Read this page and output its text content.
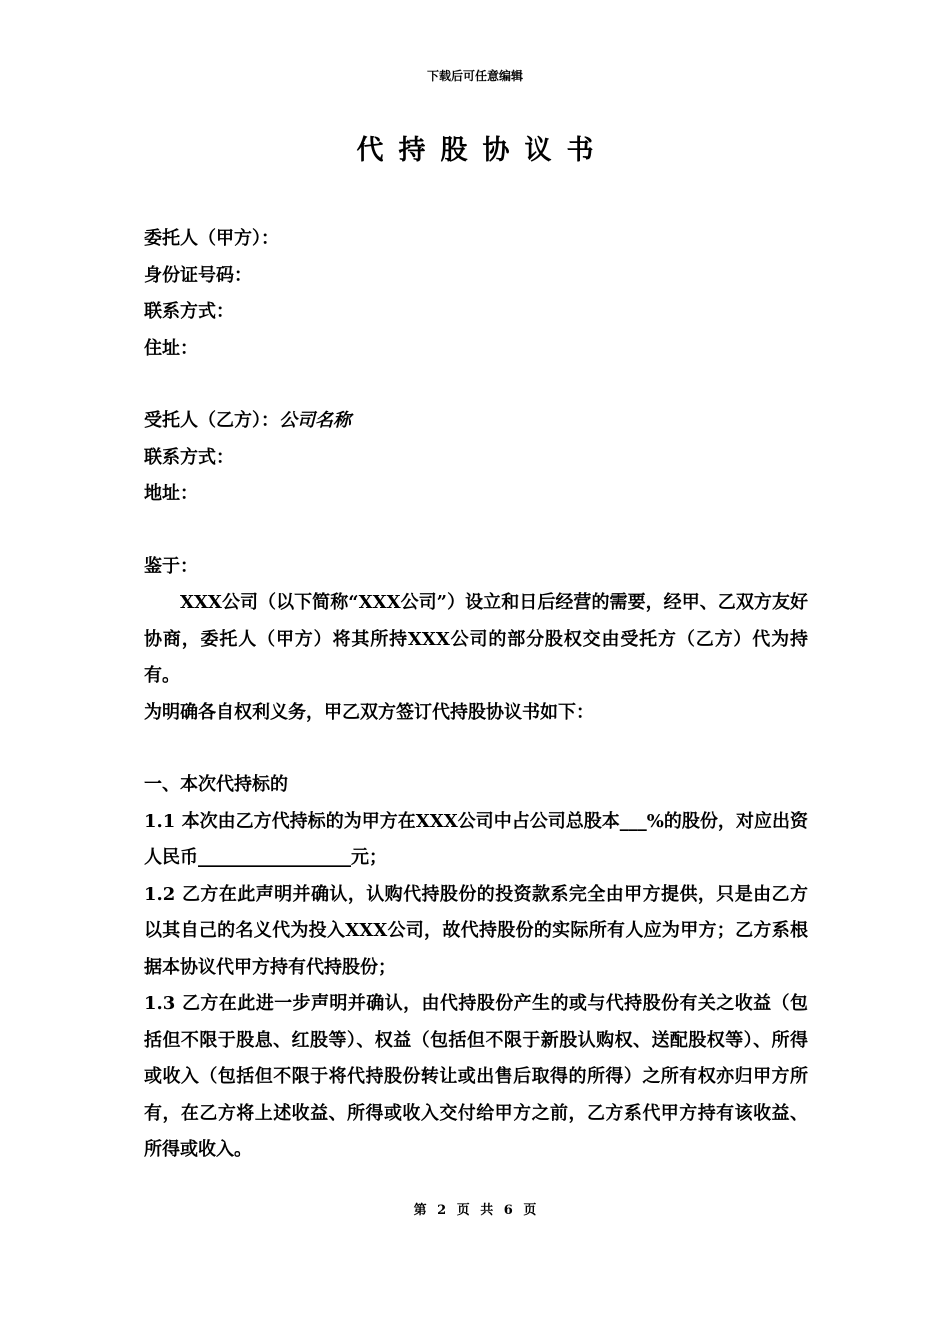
下载后可任意编辑
代持股协议书

委托人（甲方）：

身份证号码：

联系方式：

住址：

受托人（乙方）：公司名称

联系方式：

地址：

鉴于：

XXX公司（以下简称“XXX公司”）设立和日后经营的需要，经甲、乙双方友好协商，委托人（甲方）将其所持XXX公司的部分股权交由受托方（乙方）代为持有。

为明确各自权利义务，甲乙双方签订代持股协议书如下：

一、本次代持标的

1.1 本次由乙方代持标的为甲方在XXX公司中占公司总股本___%的股份，对应出资人民币_________________元；

1.2 乙方在此声明并确认，认购代持股份的投资款系完全由甲方提供，只是由乙方以其自己的名义代为投入XXX公司，故代持股份的实际所有人应为甲方；乙方系根据本协议代甲方持有代持股份；

1.3 乙方在此进一步声明并确认，由代持股份产生的或与代持股份有关之收益（包括但不限于股息、红股等）、权益（包括但不限于新股认购权、送配股权等）、所得或收入（包括但不限于将代持股份转让或出售后取得的所得）之所有权亦归甲方所有，在乙方将上述收益、所得或收入交付给甲方之前，乙方系代甲方持有该收益、所得或收入。

第 2 页 共 6 页
